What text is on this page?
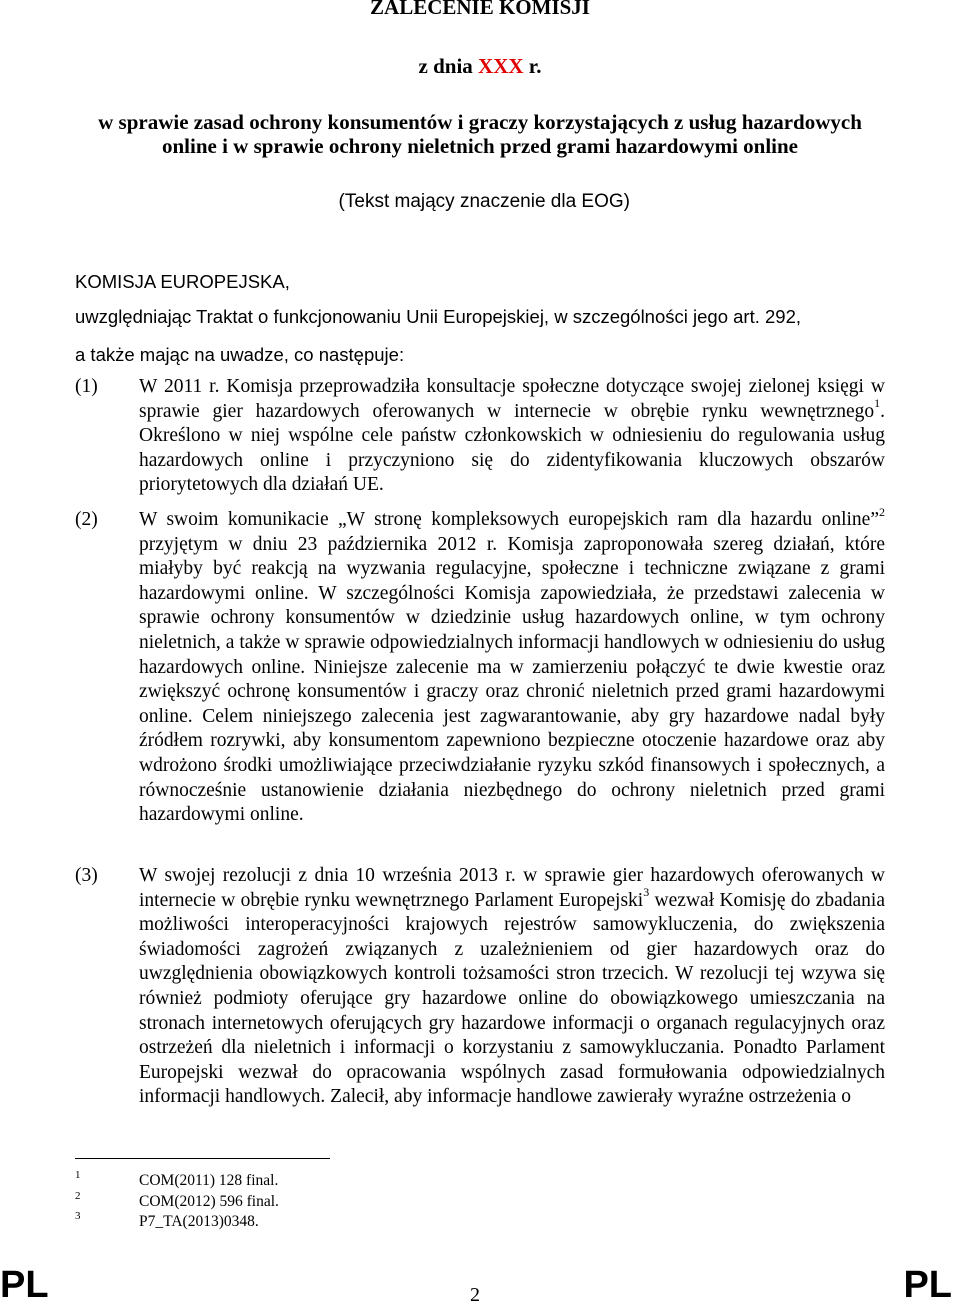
ZALECENIE KOMISJI
z dnia XXX r.
w sprawie zasad ochrony konsumentów i graczy korzystających z usług hazardowych online i w sprawie ochrony nieletnich przed grami hazardowymi online
(Tekst mający znaczenie dla EOG)
KOMISJA EUROPEJSKA,
uwzględniając Traktat o funkcjonowaniu Unii Europejskiej, w szczególności jego art. 292,
a także mając na uwadze, co następuje:
(1)	W 2011 r. Komisja przeprowadziła konsultacje społeczne dotyczące swojej zielonej księgi w sprawie gier hazardowych oferowanych w internecie w obrębie rynku wewnętrznego$^1$. Określono w niej wspólne cele państw członkowskich w odniesieniu do regulowania usług hazardowych online i przyczyniono się do zidentyfikowania kluczowych obszarów priorytetowych dla działań UE.
(2)	W swoim komunikacie „W stronę kompleksowych europejskich ram dla hazardu online”$^2$ przyjętym w dniu 23 października 2012 r. Komisja zaproponowała szereg działań, które miałyby być reakcją na wyzwania regulacyjne, społeczne i techniczne związane z grami hazardowymi online. W szczególności Komisja zapowiedziała, że przedstawi zalecenia w sprawie ochrony konsumentów w dziedzinie usług hazardowych online, w tym ochrony nieletnich, a także w sprawie odpowiedzialnych informacji handlowych w odniesieniu do usług hazardowych online. Niniejsze zalecenie ma w zamierzeniu połączyć te dwie kwestie oraz zwiększyć ochronę konsumentów i graczy oraz chronić nieletnich przed grami hazardowymi online. Celem niniejszego zalecenia jest zagwarantowanie, aby gry hazardowe nadal były źródłem rozrywki, aby konsumentom zapewniono bezpieczne otoczenie hazardowe oraz aby wdrożono środki umożliwiające przeciwdziałanie ryzyku szkód finansowych i społecznych, a równocześnie ustanowienie działania niezbędnego do ochrony nieletnich przed grami hazardowymi online.
(3)	W swojej rezolucji z dnia 10 września 2013 r. w sprawie gier hazardowych oferowanych w internecie w obrębie rynku wewnętrznego Parlament Europejski$^3$ wezwał Komisję do zbadania możliwości interoperacyjności krajowych rejestrów samowykluczenia, do zwiększenia świadomości zagrożeń związanych z uzależnieniem od gier hazardowych oraz do uwzględnienia obowiązkowych kontroli tożsamości stron trzecich. W rezolucji tej wzywa się również podmioty oferujące gry hazardowe online do obowiązkowego umieszczania na stronach internetowych oferujących gry hazardowe informacji o organach regulacyjnych oraz ostrzeżeń dla nieletnich i informacji o korzystaniu z samowykluczania. Ponadto Parlament Europejski wezwał do opracowania wspólnych zasad formułowania odpowiedzialnych informacji handlowych. Zalecił, aby informacje handlowe zawierały wyraźne ostrzeżenia o
1	COM(2011) 128 final.
2	COM(2012) 596 final.
3	P7_TA(2013)0348.
PL	2	PL
